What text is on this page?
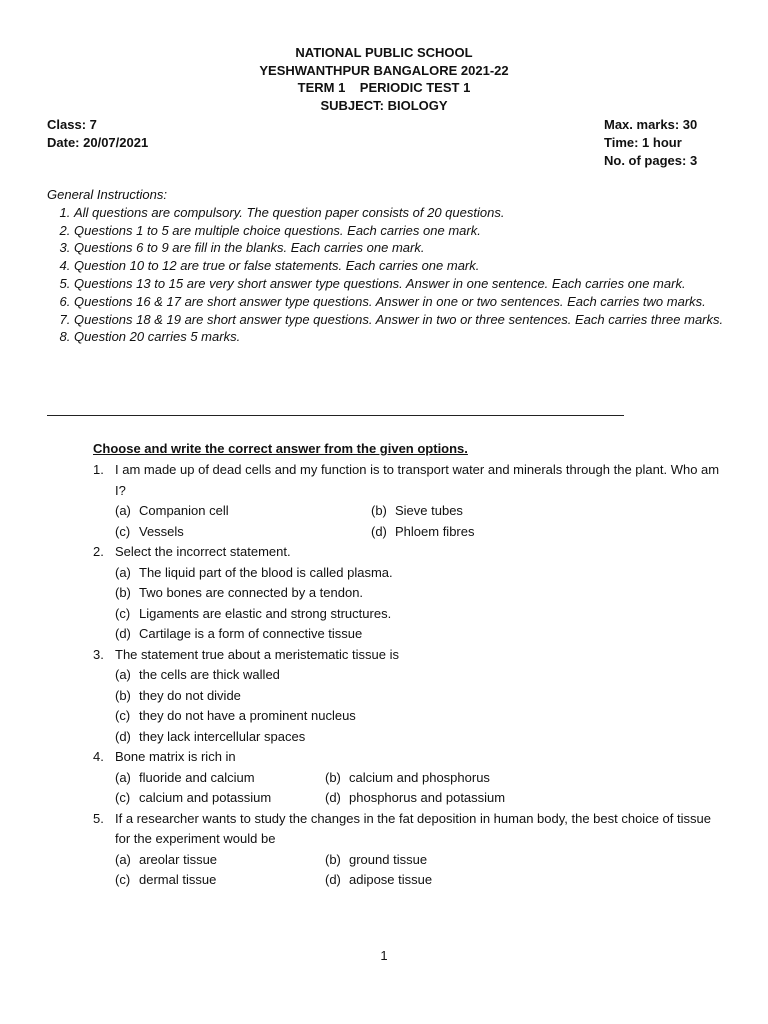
NATIONAL PUBLIC SCHOOL
YESHWANTHPUR BANGALORE 2021-22
TERM 1    PERIODIC TEST 1
SUBJECT: BIOLOGY
Class: 7
Date: 20/07/2021
Max. marks: 30
Time: 1 hour
No. of pages: 3
General Instructions:
1. All questions are compulsory. The question paper consists of 20 questions.
2. Questions 1 to 5 are multiple choice questions. Each carries one mark.
3. Questions 6 to 9 are fill in the blanks. Each carries one mark.
4. Question 10 to 12 are true or false statements. Each carries one mark.
5. Questions 13 to 15 are very short answer type questions. Answer in one sentence. Each carries one mark.
6. Questions 16 & 17 are short answer type questions. Answer in one or two sentences. Each carries two marks.
7. Questions 18 & 19 are short answer type questions. Answer in two or three sentences. Each carries three marks.
8. Question 20 carries 5 marks.
Choose and write the correct answer from the given options.
1. I am made up of dead cells and my function is to transport water and minerals through the plant. Who am I?
(a) Companion cell	(b) Sieve tubes
(c) Vessels	(d) Phloem fibres
2. Select the incorrect statement.
(a) The liquid part of the blood is called plasma.
(b) Two bones are connected by a tendon.
(c) Ligaments are elastic and strong structures.
(d) Cartilage is a form of connective tissue
3. The statement true about a meristematic tissue is
(a) the cells are thick walled
(b) they do not divide
(c) they do not have a prominent nucleus
(d) they lack intercellular spaces
4. Bone matrix is rich in
(a) fluoride and calcium	(b) calcium and phosphorus
(c) calcium and potassium	(d) phosphorus and potassium
5. If a researcher wants to study the changes in the fat deposition in human body, the best choice of tissue for the experiment would be
(a) areolar tissue	(b) ground tissue
(c) dermal tissue	(d) adipose tissue
1
